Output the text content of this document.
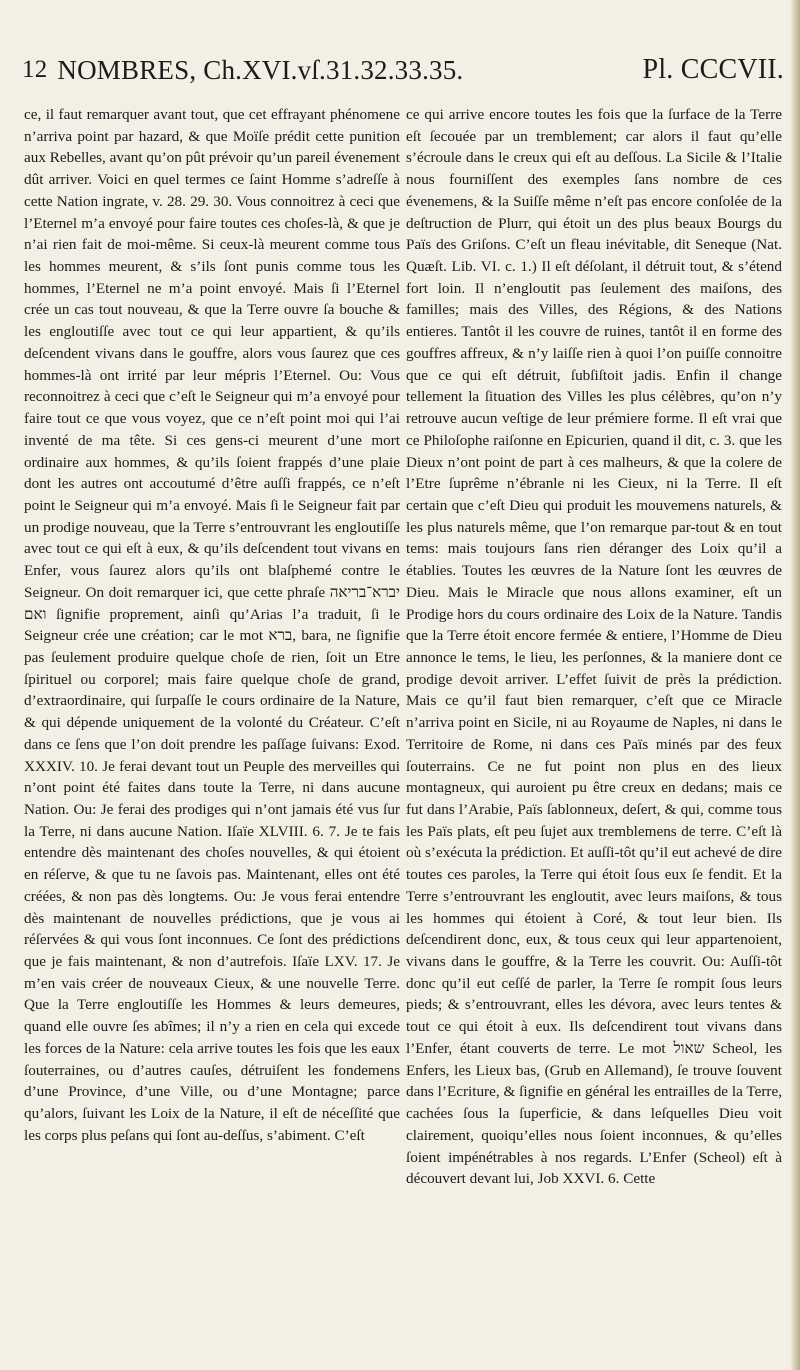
12 NOMBRES, Ch.XVI.vſ.31.32.33.35.	Pl. CCCVII.

ce, il faut remarquer avant tout, que cet effrayant phénomene n’arriva point par hazard, & que Moïſe prédit cette punition aux Rebelles, avant qu’on pût prévoir qu’un pareil évenement dût arriver. Voici en quel termes ce ſaint Homme s’adreſſe à cette Nation ingrate, v. 28. 29. 30. Vous connoitrez à ceci que l’Eternel m’a envoyé pour faire toutes ces choſes-là, & que je n’ai rien fait de moi-même. Si ceux-là meurent comme tous les hommes meurent, & s’ils ſont punis comme tous les hommes, l’Eternel ne m’a point envoyé. Mais ſi l’Eternel crée un cas tout nouveau, & que la Terre ouvre ſa bouche & les engloutiſſe avec tout ce qui leur appartient, & qu’ils deſcendent vivans dans le gouffre, alors vous ſaurez que ces hommes-là ont irrité par leur mépris l’Eternel. Ou: Vous reconnoitrez à ceci que c’eſt le Seigneur qui m’a envoyé pour faire tout ce que vous voyez, que ce n’eſt point moi qui l’ai inventé de ma tête. Si ces gens-ci meurent d’une mort ordinaire aux hommes, & qu’ils ſoient frappés d’une plaie dont les autres ont accoutumé d’être auſſi frappés, ce n’eſt point le Seigneur qui m’a envoyé. Mais ſi le Seigneur fait par un prodige nouveau, que la Terre s’entrouvrant les engloutiſſe avec tout ce qui eſt à eux, & qu’ils deſcendent tout vivans en Enfer, vous ſaurez alors qu’ils ont blaſphemé contre le Seigneur. On doit remarquer ici, que cette phraſe יברא־בריאה ואם ſignifie proprement, ainſi qu’Arias l’a traduit, ſi le Seigneur crée une création; car le mot ברא, bara, ne ſignifie pas ſeulement produire quelque choſe de rien, ſoit un Etre ſpirituel ou corporel; mais faire quelque choſe de grand, d’extraordinaire, qui ſurpaſſe le cours ordinaire de la Nature, & qui dépende uniquement de la volonté du Créateur. C’eſt dans ce ſens que l’on doit prendre les paſſage ſuivans: Exod. XXXIV. 10. Je ferai devant tout un Peuple des merveilles qui n’ont point été faites dans toute la Terre, ni dans aucune Nation. Ou: Je ferai des prodiges qui n’ont jamais été vus ſur la Terre, ni dans aucune Nation. Iſaïe XLVIII. 6. 7. Je te fais entendre dès maintenant des choſes nouvelles, & qui étoient en réſerve, & que tu ne ſavois pas. Maintenant, elles ont été créées, & non pas dès longtems. Ou: Je vous ferai entendre dès maintenant de nouvelles prédictions, que je vous ai réſervées & qui vous ſont inconnues. Ce ſont des prédictions que je fais maintenant, & non d’autrefois. Iſaïe LXV. 17. Je m’en vais créer de nouveaux Cieux, & une nouvelle Terre. Que la Terre engloutiſſe les Hommes & leurs demeures, quand elle ouvre ſes abîmes; il n’y a rien en cela qui excede les forces de la Nature: cela arrive toutes les fois que les eaux ſouterraines, ou d’autres cauſes, détruiſent les fondemens d’une Province, d’une Ville, ou d’une Montagne; parce qu’alors, ſuivant les Loix de la Nature, il eſt de néceſſité que les corps plus peſans qui ſont au-deſſus, s’abiment. C’eſt

ce qui arrive encore toutes les fois que la ſurface de la Terre eſt ſecouée par un tremblement; car alors il faut qu’elle s’écroule dans le creux qui eſt au deſſous. La Sicile & l’Italie nous fourniſſent des exemples ſans nombre de ces évenemens, & la Suiſſe même n’eſt pas encore conſolée de la deſtruction de Plurr, qui étoit un des plus beaux Bourgs du Païs des Griſons. C’eſt un fleau inévitable, dit Seneque (Nat. Quæſt. Lib. VI. c. 1.) Il eſt déſolant, il détruit tout, & s’étend fort loin. Il n’engloutit pas ſeulement des maiſons, des familles; mais des Villes, des Régions, & des Nations entieres. Tantôt il les couvre de ruines, tantôt il en forme des gouffres affreux, & n’y laiſſe rien à quoi l’on puiſſe connoitre que ce qui eſt détruit, ſubſiſtoit jadis. Enfin il change tellement la ſituation des Villes les plus célèbres, qu’on n’y retrouve aucun veſtige de leur prémiere forme. Il eſt vrai que ce Philoſophe raiſonne en Epicurien, quand il dit, c. 3. que les Dieux n’ont point de part à ces malheurs, & que la colere de l’Etre ſuprême n’ébranle ni les Cieux, ni la Terre. Il eſt certain que c’eſt Dieu qui produit les mouvemens naturels, & les plus naturels même, que l’on remarque par-tout & en tout tems: mais toujours ſans rien déranger des Loix qu’il a établies. Toutes les œuvres de la Nature ſont les œuvres de Dieu. Mais le Miracle que nous allons examiner, eſt un Prodige hors du cours ordinaire des Loix de la Nature. Tandis que la Terre étoit encore fermée & entiere, l’Homme de Dieu annonce le tems, le lieu, les perſonnes, & la maniere dont ce prodige devoit arriver. L’effet ſuivit de près la prédiction. Mais ce qu’il faut bien remarquer, c’eſt que ce Miracle n’arriva point en Sicile, ni au Royaume de Naples, ni dans le Territoire de Rome, ni dans ces Païs minés par des feux ſouterrains. Ce ne fut point non plus en des lieux montagneux, qui auroient pu être creux en dedans; mais ce fut dans l’Arabie, Païs ſablonneux, deſert, & qui, comme tous les Païs plats, eſt peu ſujet aux tremblemens de terre. C’eſt là où s’exécuta la prédiction. Et auſſi-tôt qu’il eut achevé de dire toutes ces paroles, la Terre qui étoit ſous eux ſe fendit. Et la Terre s’entrouvrant les engloutit, avec leurs maiſons, & tous les hommes qui étoient à Coré, & tout leur bien. Ils deſcendirent donc, eux, & tous ceux qui leur appartenoient, vivans dans le gouffre, & la Terre les couvrit. Ou: Auſſi-tôt donc qu’il eut ceſſé de parler, la Terre ſe rompit ſous leurs pieds; & s’entrouvrant, elles les dévora, avec leurs tentes & tout ce qui étoit à eux. Ils deſcendirent tout vivans dans l’Enfer, étant couverts de terre. Le mot שאול Scheol, les Enfers, les Lieux bas, (Grub en Allemand), ſe trouve ſouvent dans l’Ecriture, & ſignifie en général les entrailles de la Terre, cachées ſous la ſuperficie, & dans leſquelles Dieu voit clairement, quoiqu’elles nous ſoient inconnues, & qu’elles ſoient impénétrables à nos regards. L’Enfer (Scheol) eſt à découvert devant lui, Job XXVI. 6. Cette
